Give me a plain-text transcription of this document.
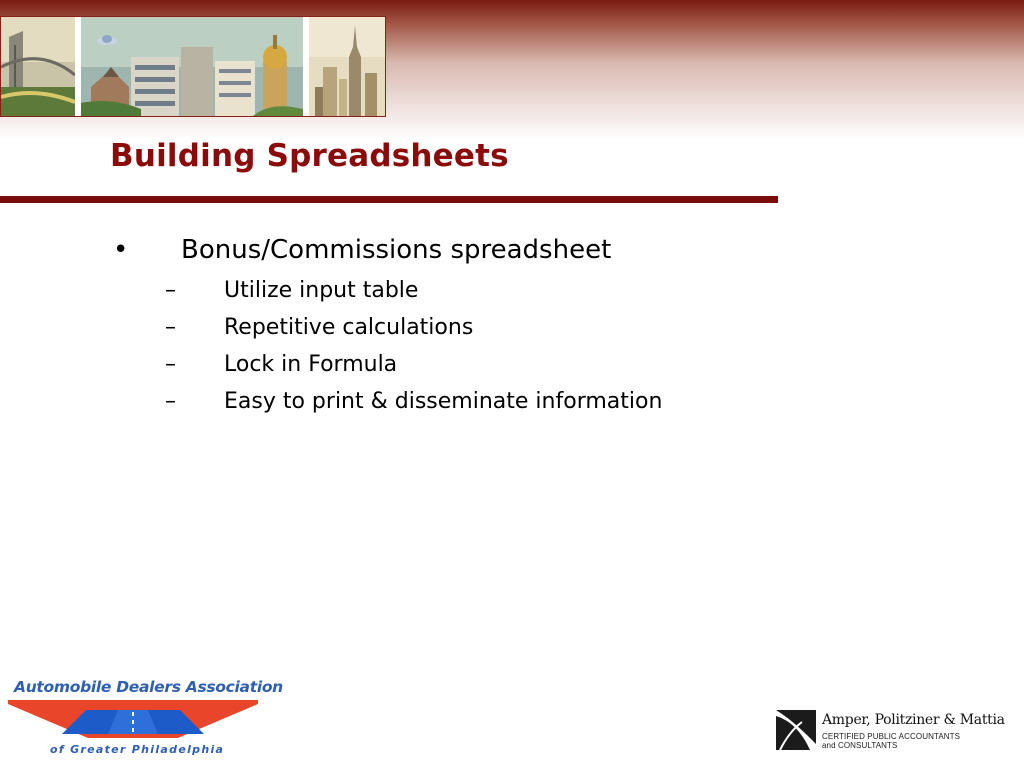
Building Spreadsheets
• Bonus/Commissions spreadsheet
– Utilize input table
– Repetitive calculations
– Lock in Formula
– Easy to print & disseminate information
Automobile Dealers Association
of Greater Philadelphia
Amper, Politziner & Mattia
CERTIFIED PUBLIC ACCOUNTANTS
and CONSULTANTS
